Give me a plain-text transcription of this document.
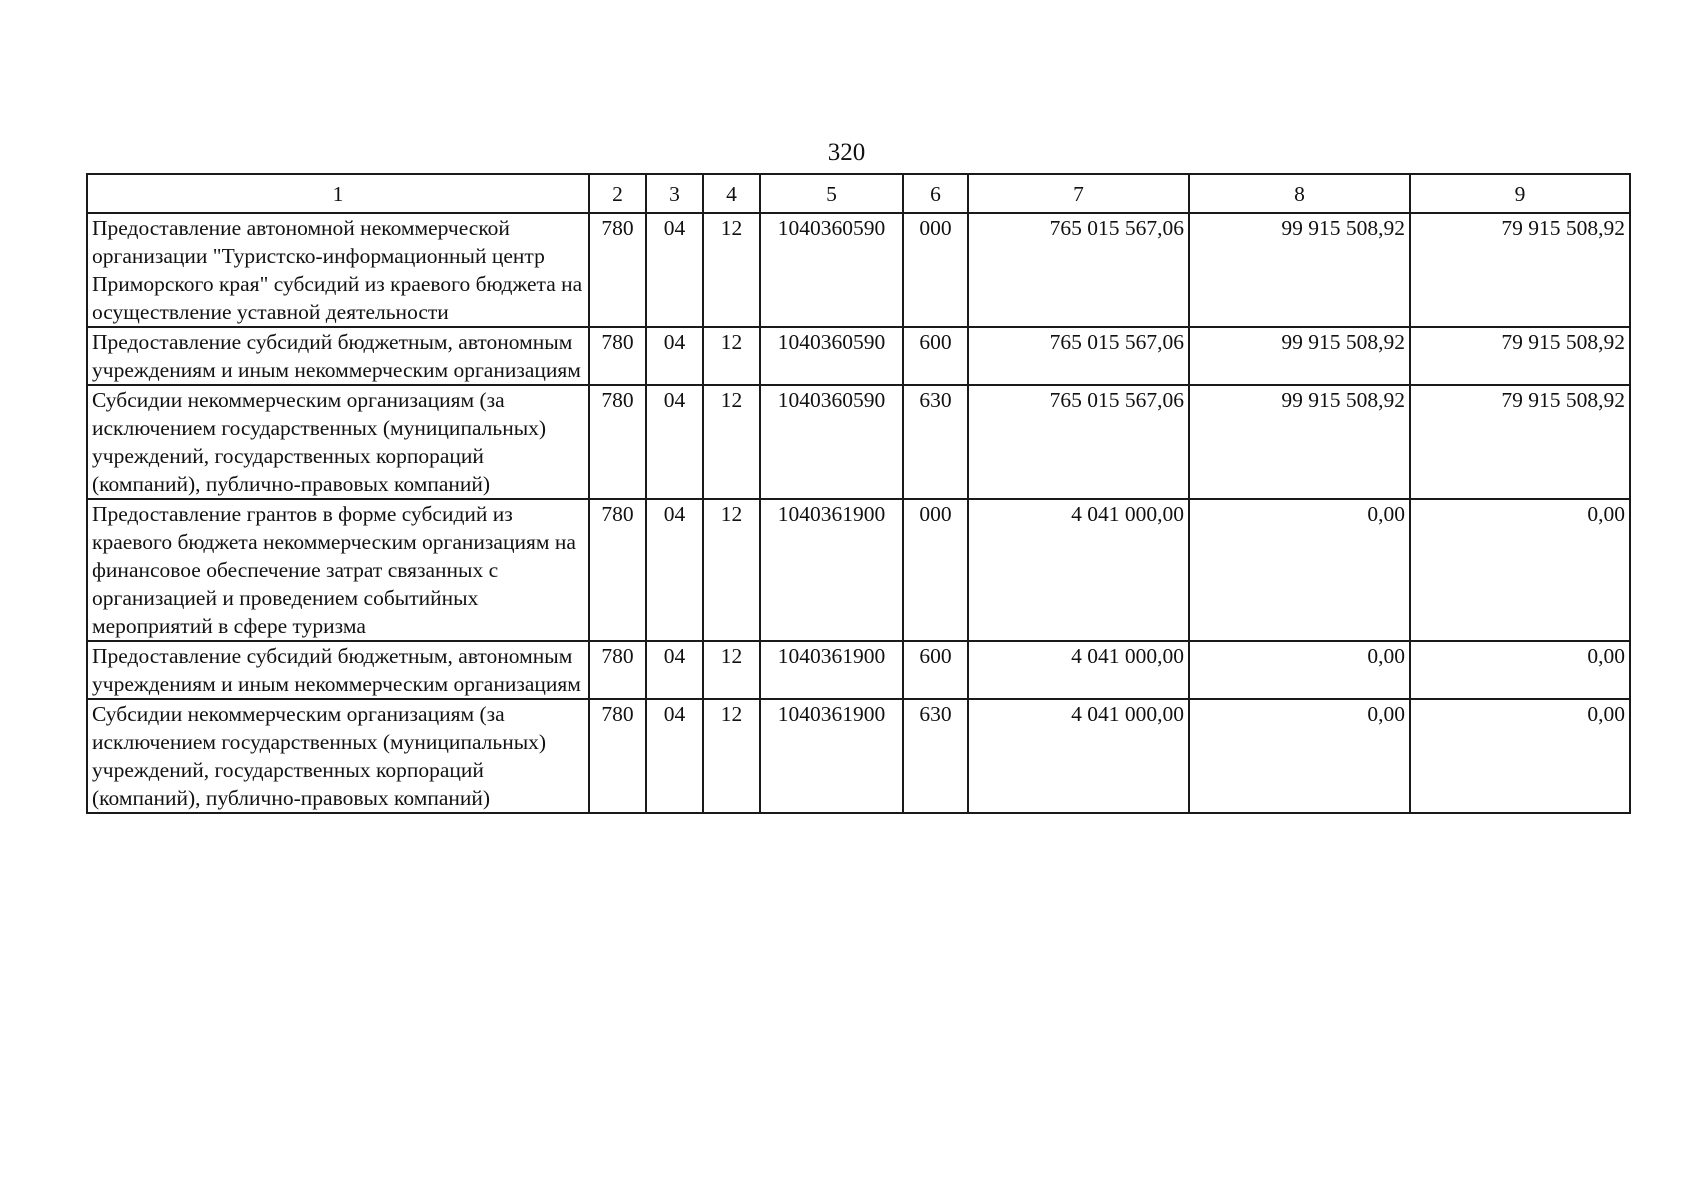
320
1	2	3	4	5	6	7	8	9
Предоставление автономной некоммерческой организации "Туристско-информационный центр Приморского края" субсидий из краевого бюджета на осуществление уставной деятельности	780	04	12	1040360590	000	765 015 567,06	99 915 508,92	79 915 508,92
Предоставление субсидий бюджетным, автономным учреждениям и иным некоммерческим организациям	780	04	12	1040360590	600	765 015 567,06	99 915 508,92	79 915 508,92
Субсидии некоммерческим организациям (за исключением государственных (муниципальных) учреждений, государственных корпораций (компаний), публично-правовых компаний)	780	04	12	1040360590	630	765 015 567,06	99 915 508,92	79 915 508,92
Предоставление грантов в форме субсидий из краевого бюджета некоммерческим организациям на финансовое обеспечение затрат связанных с организацией и проведением событийных мероприятий в сфере туризма	780	04	12	1040361900	000	4 041 000,00	0,00	0,00
Предоставление субсидий бюджетным, автономным учреждениям и иным некоммерческим организациям	780	04	12	1040361900	600	4 041 000,00	0,00	0,00
Субсидии некоммерческим организациям (за исключением государственных (муниципальных) учреждений, государственных корпораций (компаний), публично-правовых компаний)	780	04	12	1040361900	630	4 041 000,00	0,00	0,00
